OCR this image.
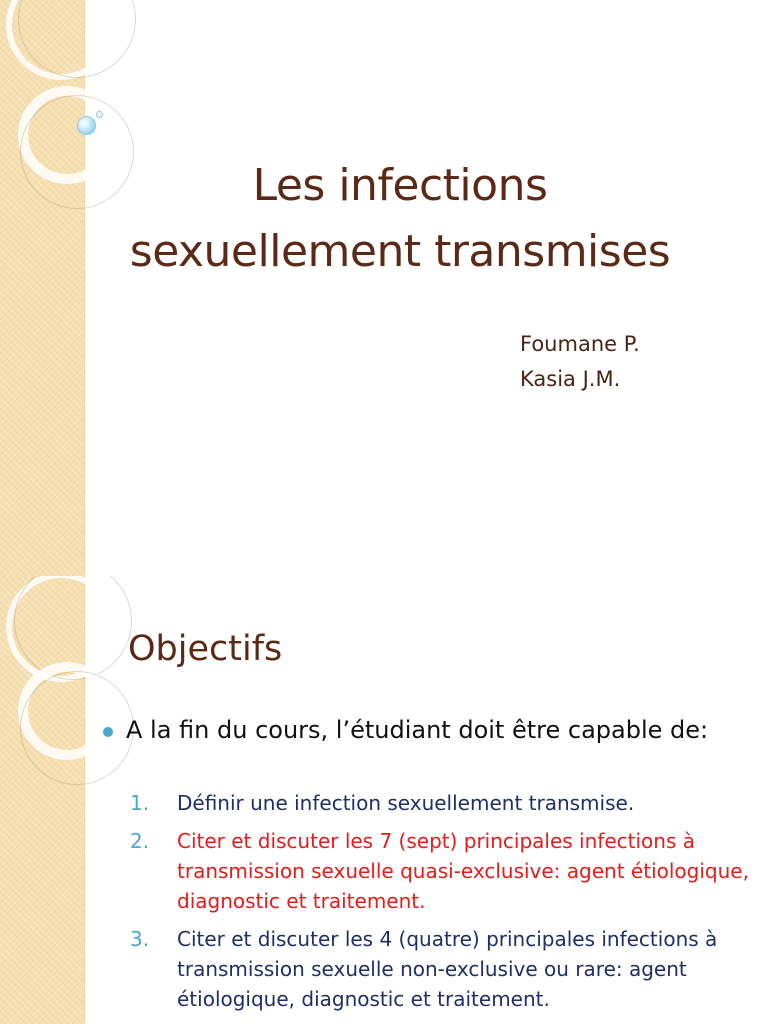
Les infections
sexuellement transmises
Foumane P.
Kasia J.M.
Objectifs
A la fin du cours, l’étudiant doit être capable de:
1. Définir une infection sexuellement transmise.
2. Citer et discuter les 7 (sept) principales infections à transmission sexuelle quasi-exclusive: agent étiologique, diagnostic et traitement.
3. Citer et discuter les 4 (quatre) principales infections à transmission sexuelle non-exclusive ou rare: agent étiologique, diagnostic et traitement.
